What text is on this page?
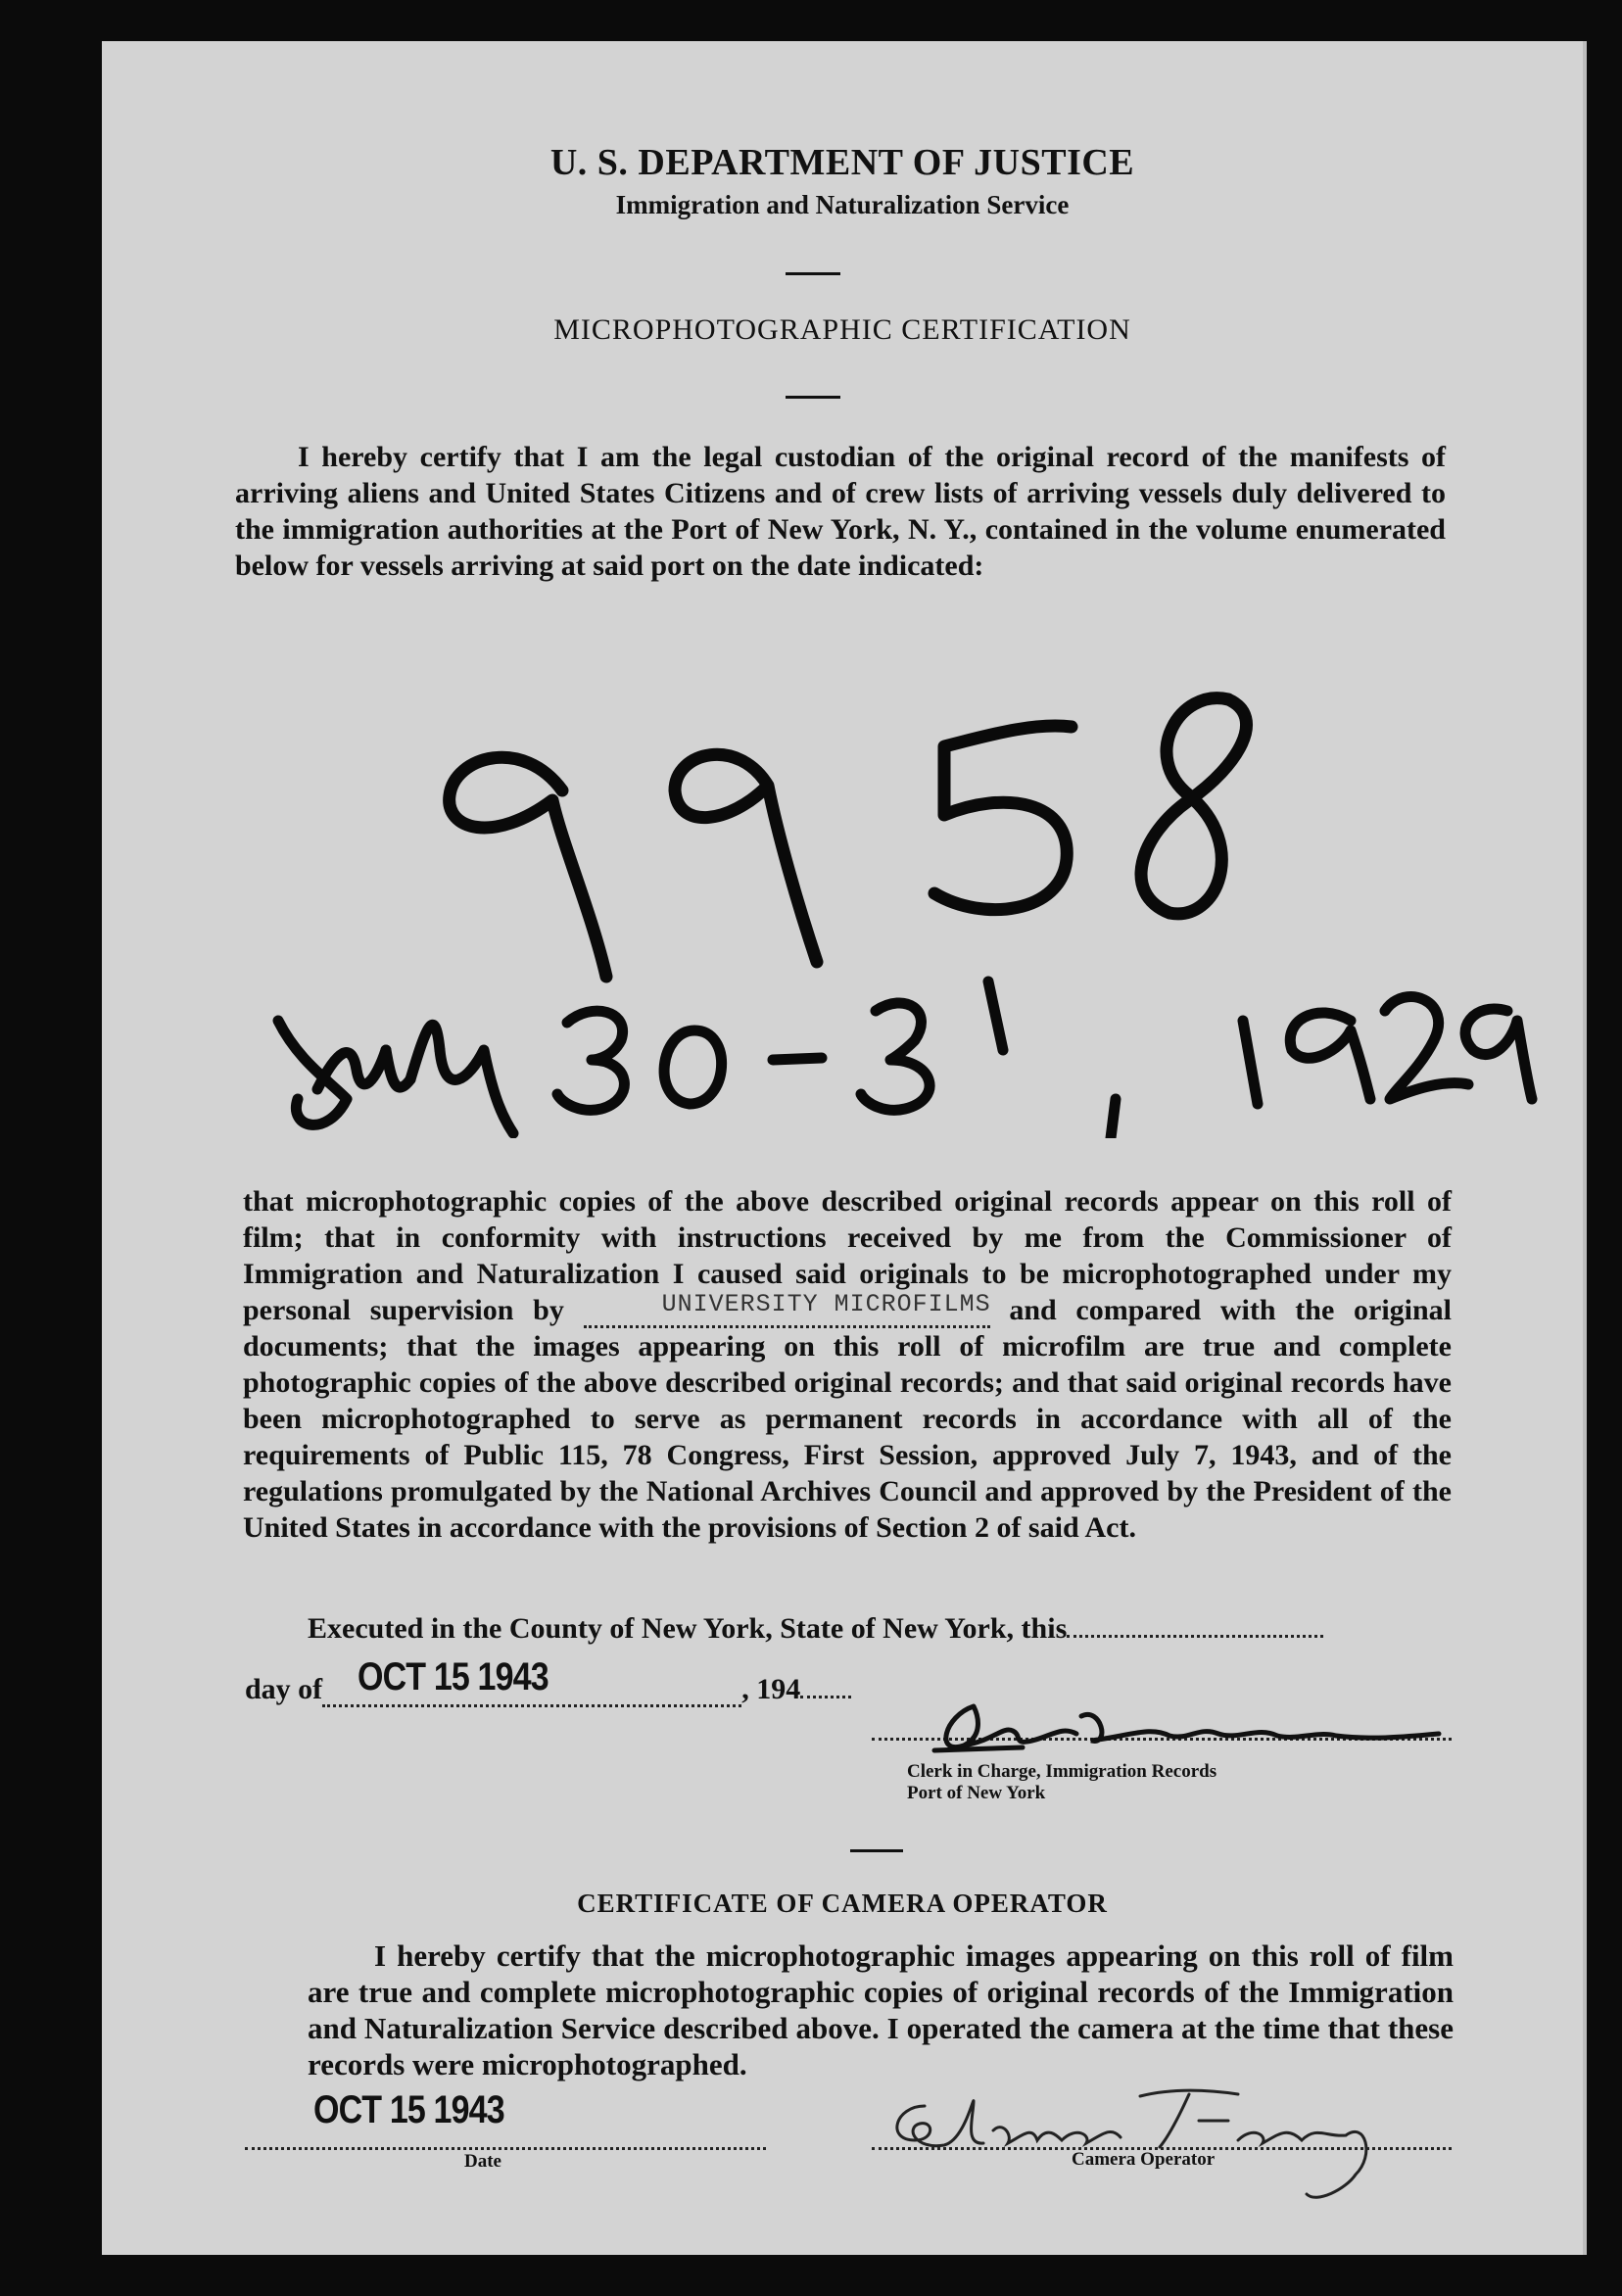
U. S. DEPARTMENT OF JUSTICE
Immigration and Naturalization Service
MICROPHOTOGRAPHIC CERTIFICATION
I hereby certify that I am the legal custodian of the original record of the manifests of arriving aliens and United States Citizens and of crew lists of arriving vessels duly delivered to the immigration authorities at the Port of New York, N. Y., contained in the volume enumerated below for vessels arriving at said port on the date indicated:
that microphotographic copies of the above described original records appear on this roll of film; that in conformity with instructions received by me from the Commissioner of Immigration and Naturalization I caused said originals to be microphotographed under my personal supervision by	UNIVERSITY MICROFILMS and compared with the original documents; that the images appearing on this roll of microfilm are true and complete photographic copies of the above described original records; and that said original records have been microphotographed to serve as permanent records in accordance with all of the requirements of Public 115, 78 Congress, First Session, approved July 7, 1943, and of the regulations promulgated by the National Archives Council and approved by the President of the United States in accordance with the provisions of Section 2 of said Act.
Executed in the County of New York, State of New York, this
day of OCT 15 1943	, 194
Clerk in Charge, Immigration Records
Port of New York
CERTIFICATE OF CAMERA OPERATOR
I hereby certify that the microphotographic images appearing on this roll of film are true and complete microphotographic copies of original records of the Immigration and Naturalization Service described above. I operated the camera at the time that these records were microphotographed.
OCT 15 1943
Date	Camera Operator
